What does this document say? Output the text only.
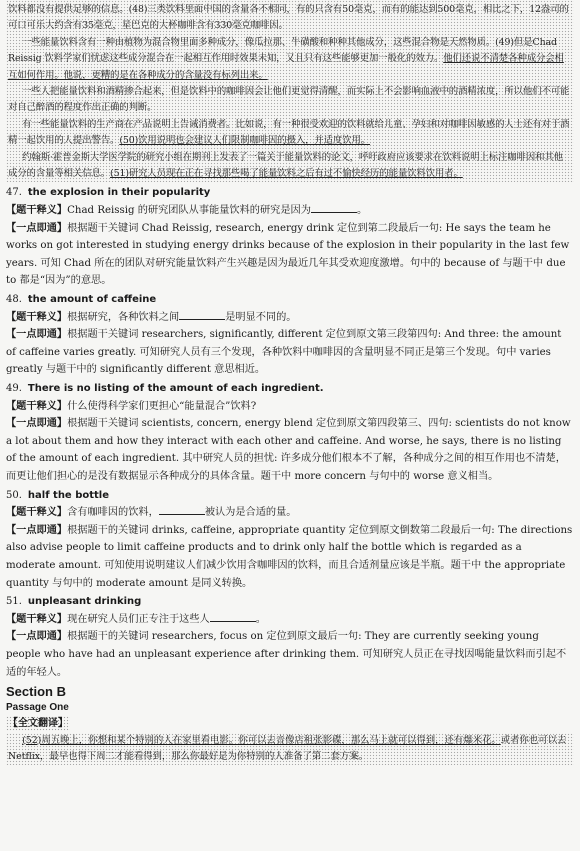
饮料都没有提供足够的信息。(48)三类饮料里面中国的含量各不相同，有的只含有50毫克，而有的能达到500毫克，相比之下，12盎司的可口可乐大约含有35毫克，星巴克的大杯咖啡含有330毫克咖啡因。

一些能量饮料含有一种由植物为混合物里面多种成分，像瓜拉那、牛磺酸和种种其他成分，这些混合物是天然物质。(49)但是Chad Reissig 饮料学家们忧虑这些成分混合在一起相互作用时效果未知，又且只有这些能够更加一般化的效力。他们还说不清楚各种成分会相互如何作用。他说，更糟的是在各种成分的含量没有标列出来。

一些人把能量饮料和酒精掺合起来，但是饮料中的咖啡因会让他们更觉得清醒，而实际上不会影响血液中的酒精浓度，所以他们不可能对自己醉酒的程度作出正确的判断。

有一些能量饮料的生产商在产品说明上告诫消费者。比如说，有一种很受欢迎的饮料就给儿童、孕妇和对咖啡因敏感的人士还有对于酒精一起饮用的人提出警告。(50)饮用说明也会建议人们限制咖啡因的摄入，并适度饮用。

约翰斯·霍普金斯大学医学院的研究小组在期刊上发表了一篇关于能量饮料的论文，呼吁政府应该要求在饮料说明上标注咖啡因和其他成分的含量等相关信息。(51)研究人员现在正在寻找那些喝了能量饮料之后有过不愉快经历的能量饮料饮用者。

47. the explosion in their popularity

【题干释义】Chad Reissig 的研究团队从事能量饮料的研究是因为	。

【一点即通】根据题干关键词 Chad Reissig, research, energy drink 定位到第二段最后一句: He says the team he works on got interested in studying energy drinks because of the explosion in their popularity in the last few years. 可知 Chad 所在的团队对研究能量饮料产生兴趣是因为最近几年其受欢迎度激增。句中的 because of 与题干中 due to 都是“因为”的意思。

48. the amount of caffeine

【题干释义】根据研究，各种饮料之间	是明显不同的。

【一点即通】根据题干关键词 researchers, significantly, different 定位到原文第三段第四句: And three: the amount of caffeine varies greatly. 可知研究人员有三个发现，各种饮料中咖啡因的含量明显不同正是第三个发现。句中 varies greatly 与题干中的 significantly different 意思相近。

49. There is no listing of the amount of each ingredient.

【题干释义】什么使得科学家们更担心“能量混合”饮料?

【一点即通】根据题干关键词 scientists, concern, energy blend 定位到原文第四段第三、四句: scientists do not know a lot about them and how they interact with each other and caffeine. And worse, he says, there is no listing of the amount of each ingredient. 其中研究人员的担忧: 许多成分他们根本不了解，各种成分之间的相互作用也不清楚，而更让他们担心的是没有数据显示各种成分的具体含量。题干中 more concern 与句中的 worse 意义相当。

50. half the bottle

【题干释义】含有咖啡因的饮料，	被认为是合适的量。

【一点即通】根据题干的关键词 drinks, caffeine, appropriate quantity 定位到原文倒数第二段最后一句: The directions also advise people to limit caffeine products and to drink only half the bottle which is regarded as a moderate amount. 可知使用说明建议人们减少饮用含咖啡因的饮料，而且合适剂量应该是半瓶。题干中 the appropriate quantity 与句中的 moderate amount 是同义转换。

51. unpleasant drinking

【题干释义】现在研究人员们正专注于这些人	。

【一点即通】根据题干的关键词 researchers, focus on 定位到原文最后一句: They are currently seeking young people who have had an unpleasant experience after drinking them. 可知研究人员正在寻找因喝能量饮料而引起不适的年轻人。

Section B
Passage One
【全文翻译】

(52)周五晚上，你想和某个特别的人在家里看电影。你可以去音像店租张影碟，那么马上就可以得到，还有爆米花。或者你也可以去 Netflix，最早也得下周二才能看得到，那么你最好是为你特别的人准备了第二套方案。
